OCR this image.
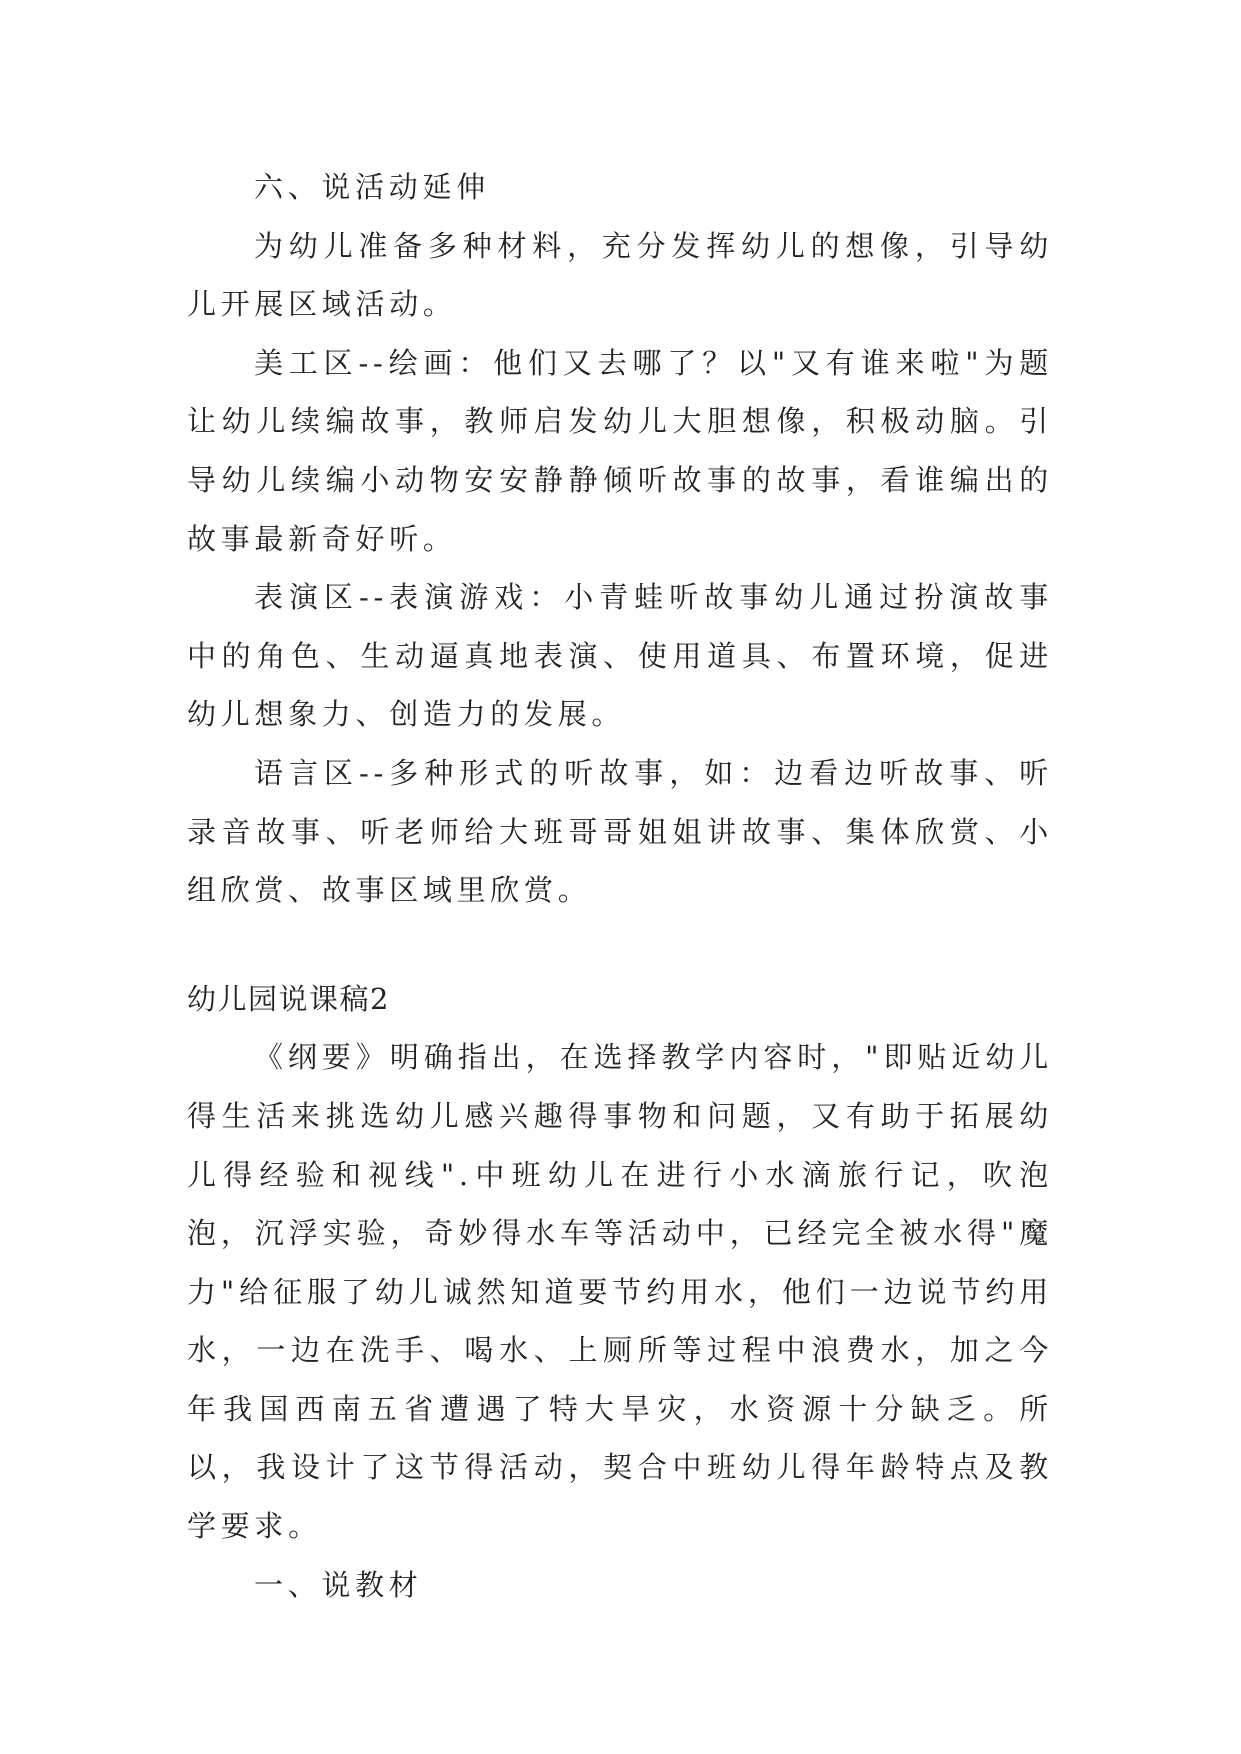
六、说活动延伸

为幼儿准备多种材料，充分发挥幼儿的想像，引导幼儿开展区域活动。

美工区--绘画：他们又去哪了？以"又有谁来啦"为题让幼儿续编故事，教师启发幼儿大胆想像，积极动脑。引导幼儿续编小动物安安静静倾听故事的故事，看谁编出的故事最新奇好听。

表演区--表演游戏：小青蛙听故事幼儿通过扮演故事中的角色、生动逼真地表演、使用道具、布置环境，促进幼儿想象力、创造力的发展。

语言区--多种形式的听故事，如：边看边听故事、听录音故事、听老师给大班哥哥姐姐讲故事、集体欣赏、小组欣赏、故事区域里欣赏。

幼儿园说课稿2

《纲要》明确指出，在选择教学内容时，"即贴近幼儿得生活来挑选幼儿感兴趣得事物和问题，又有助于拓展幼儿得经验和视线".中班幼儿在进行小水滴旅行记，吹泡泡，沉浮实验，奇妙得水车等活动中，已经完全被水得"魔力"给征服了幼儿诚然知道要节约用水，他们一边说节约用水，一边在洗手、喝水、上厕所等过程中浪费水，加之今年我国西南五省遭遇了特大旱灾，水资源十分缺乏。所以，我设计了这节得活动，契合中班幼儿得年龄特点及教学要求。

一、说教材
